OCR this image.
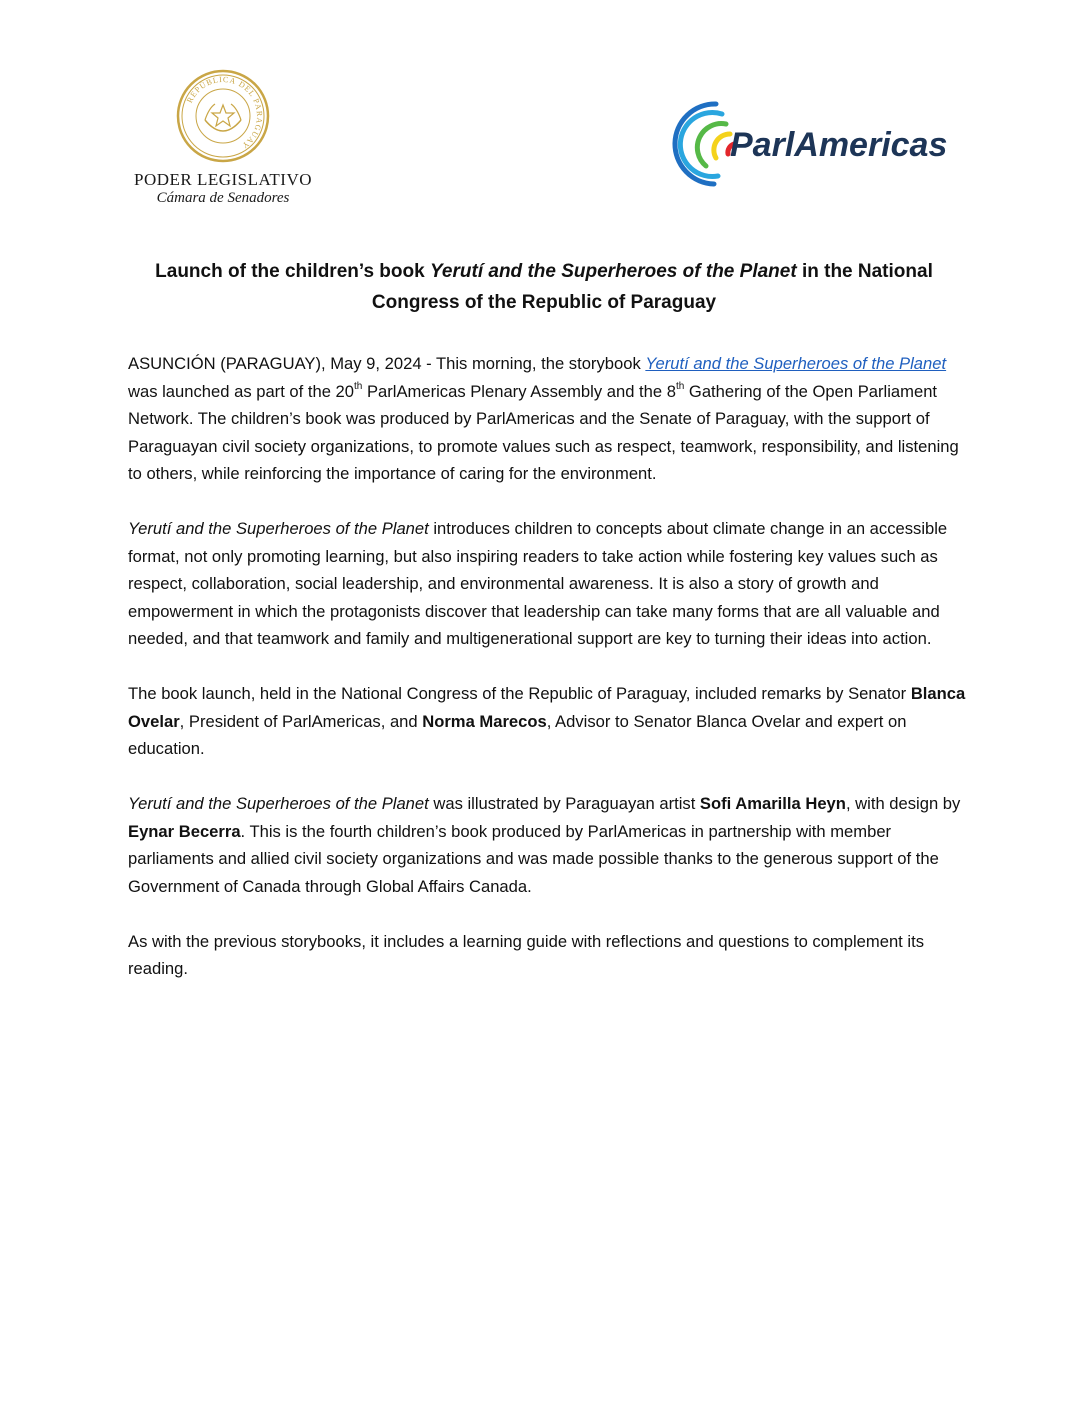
REPÚBLICA DEL PARAGUAY
PODER LEGISLATIVO
Cámara de Senadores
ParlAmericas
Launch of the children’s book Yerutí and the Superheroes of the Planet in the National Congress of the Republic of Paraguay

ASUNCIÓN (PARAGUAY), May 9, 2024 - This morning, the storybook Yerutí and the Superheroes of the Planet was launched as part of the 20th ParlAmericas Plenary Assembly and the 8th Gathering of the Open Parliament Network. The children’s book was produced by ParlAmericas and the Senate of Paraguay, with the support of Paraguayan civil society organizations, to promote values such as respect, teamwork, responsibility, and listening to others, while reinforcing the importance of caring for the environment.

Yerutí and the Superheroes of the Planet introduces children to concepts about climate change in an accessible format, not only promoting learning, but also inspiring readers to take action while fostering key values such as respect, collaboration, social leadership, and environmental awareness. It is also a story of growth and empowerment in which the protagonists discover that leadership can take many forms that are all valuable and needed, and that teamwork and family and multigenerational support are key to turning their ideas into action.

The book launch, held in the National Congress of the Republic of Paraguay, included remarks by Senator Blanca Ovelar, President of ParlAmericas, and Norma Marecos, Advisor to Senator Blanca Ovelar and expert on education.

Yerutí and the Superheroes of the Planet was illustrated by Paraguayan artist Sofi Amarilla Heyn, with design by Eynar Becerra. This is the fourth children’s book produced by ParlAmericas in partnership with member parliaments and allied civil society organizations and was made possible thanks to the generous support of the Government of Canada through Global Affairs Canada.

As with the previous storybooks, it includes a learning guide with reflections and questions to complement its reading.
